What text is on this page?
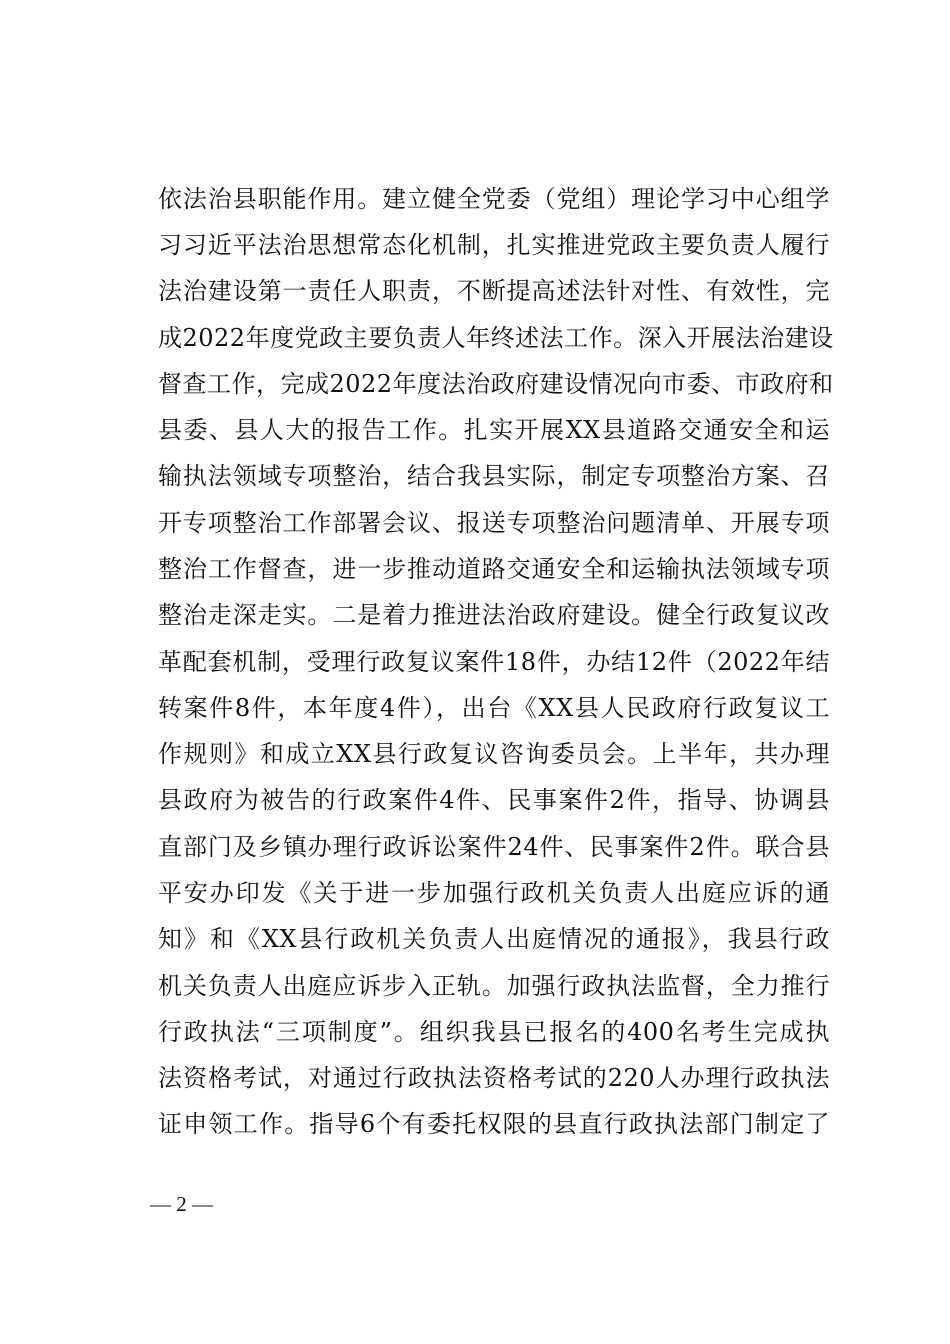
依法治县职能作用。建立健全党委（党组）理论学习中心组学
习习近平法治思想常态化机制，扎实推进党政主要负责人履行
法治建设第一责任人职责，不断提高述法针对性、有效性，完
成2022年度党政主要负责人年终述法工作。深入开展法治建设
督查工作，完成2022年度法治政府建设情况向市委、市政府和
县委、县人大的报告工作。扎实开展XX县道路交通安全和运
输执法领域专项整治，结合我县实际，制定专项整治方案、召
开专项整治工作部署会议、报送专项整治问题清单、开展专项
整治工作督查，进一步推动道路交通安全和运输执法领域专项
整治走深走实。二是着力推进法治政府建设。健全行政复议改
革配套机制，受理行政复议案件18件，办结12件（2022年结
转案件8件，本年度4件），出台《XX县人民政府行政复议工
作规则》和成立XX县行政复议咨询委员会。上半年，共办理
县政府为被告的行政案件4件、民事案件2件，指导、协调县
直部门及乡镇办理行政诉讼案件24件、民事案件2件。联合县
平安办印发《关于进一步加强行政机关负责人出庭应诉的通
知》和《XX县行政机关负责人出庭情况的通报》，我县行政
机关负责人出庭应诉步入正轨。加强行政执法监督，全力推行
行政执法“三项制度”。组织我县已报名的400名考生完成执
法资格考试，对通过行政执法资格考试的220人办理行政执法
证申领工作。指导6个有委托权限的县直行政执法部门制定了
— 2 —
